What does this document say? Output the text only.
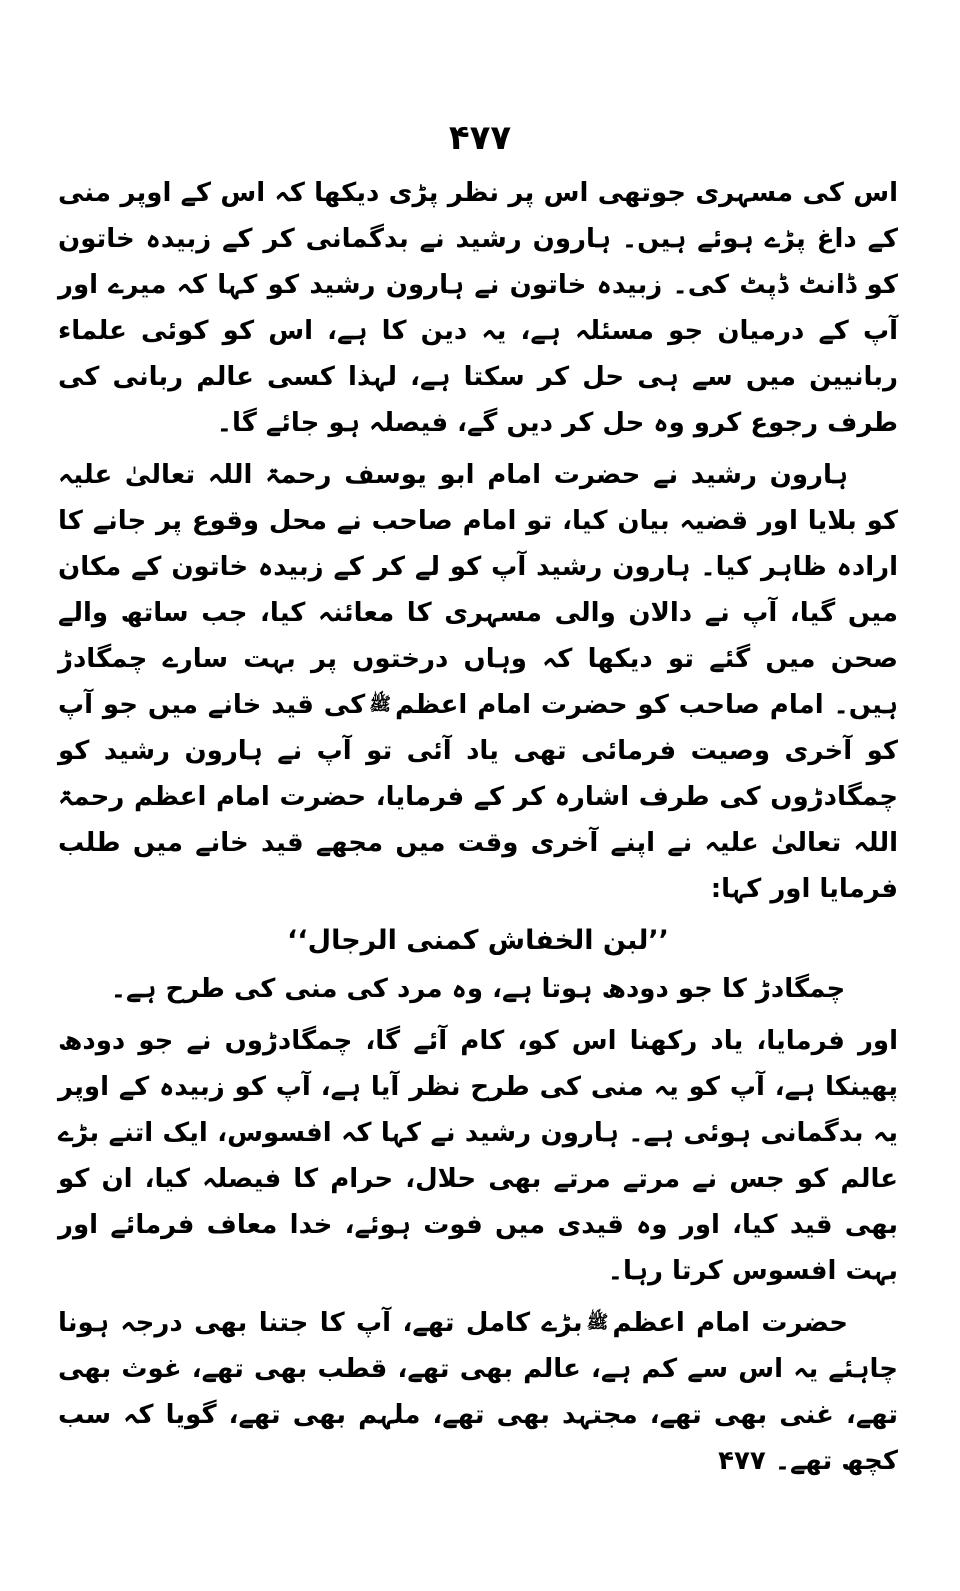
۴۷۷

اس کی مسہری جوتھی اس پر نظر پڑی دیکھا کہ اس کے اوپر منی کے داغ پڑے ہوئے ہیں۔ ہارون رشید نے بدگمانی کر کے زبیدہ خاتون کو ڈانٹ ڈپٹ کی۔ زبیدہ خاتون نے ہارون رشید کو کہا کہ میرے اور آپ کے درمیان جو مسئلہ ہے، یہ دین کا ہے، اس کو کوئی علماء ربانیین میں سے ہی حل کر سکتا ہے، لہذا کسی عالم ربانی کی طرف رجوع کرو وہ حل کر دیں گے، فیصلہ ہو جائے گا۔

ہارون رشید نے حضرت امام ابو یوسف رحمۃ اللہ تعالیٰ علیہ کو بلایا اور قضیہ بیان کیا، تو امام صاحب نے محل وقوع پر جانے کا ارادہ ظاہر کیا۔ ہارون رشید آپ کو لے کر کے زبیدہ خاتون کے مکان میں گیا، آپ نے دالان والی مسہری کا معائنہ کیا، جب ساتھ والے صحن میں گئے تو دیکھا کہ وہاں درختوں پر بہت سارے چمگادڑ ہیں۔ امام صاحب کو حضرت امام اعظمﷺکی قید خانے میں جو آپ کو آخری وصیت فرمائی تھی یاد آئی تو آپ نے ہارون رشید کو چمگادڑوں کی طرف اشارہ کر کے فرمایا، حضرت امام اعظم رحمۃ اللہ تعالیٰ علیہ نے اپنے آخری وقت میں مجھے قید خانے میں طلب فرمایا اور کہا:

’’لبن الخفاش کمنی الرجال‘‘

چمگادڑ کا جو دودھ ہوتا ہے، وہ مرد کی منی کی طرح ہے۔

اور فرمایا، یاد رکھنا اس کو، کام آئے گا، چمگادڑوں نے جو دودھ پھینکا ہے، آپ کو یہ منی کی طرح نظر آیا ہے، آپ کو زبیدہ کے اوپر یہ بدگمانی ہوئی ہے۔ ہارون رشید نے کہا کہ افسوس، ایک اتنے بڑے عالم کو جس نے مرتے مرتے بھی حلال، حرام کا فیصلہ کیا، ان کو بھی قید کیا، اور وہ قیدی میں فوت ہوئے، خدا معاف فرمائے اور بہت افسوس کرتا رہا۔

حضرت امام اعظمﷺبڑے کامل تھے، آپ کا جتنا بھی درجہ ہونا چاہئے یہ اس سے کم ہے، عالم بھی تھے، قطب بھی تھے، غوث بھی تھے، غنی بھی تھے، مجتہد بھی تھے، ملہم بھی تھے، گویا کہ سب کچھ تھے۔ ۴۷۷
